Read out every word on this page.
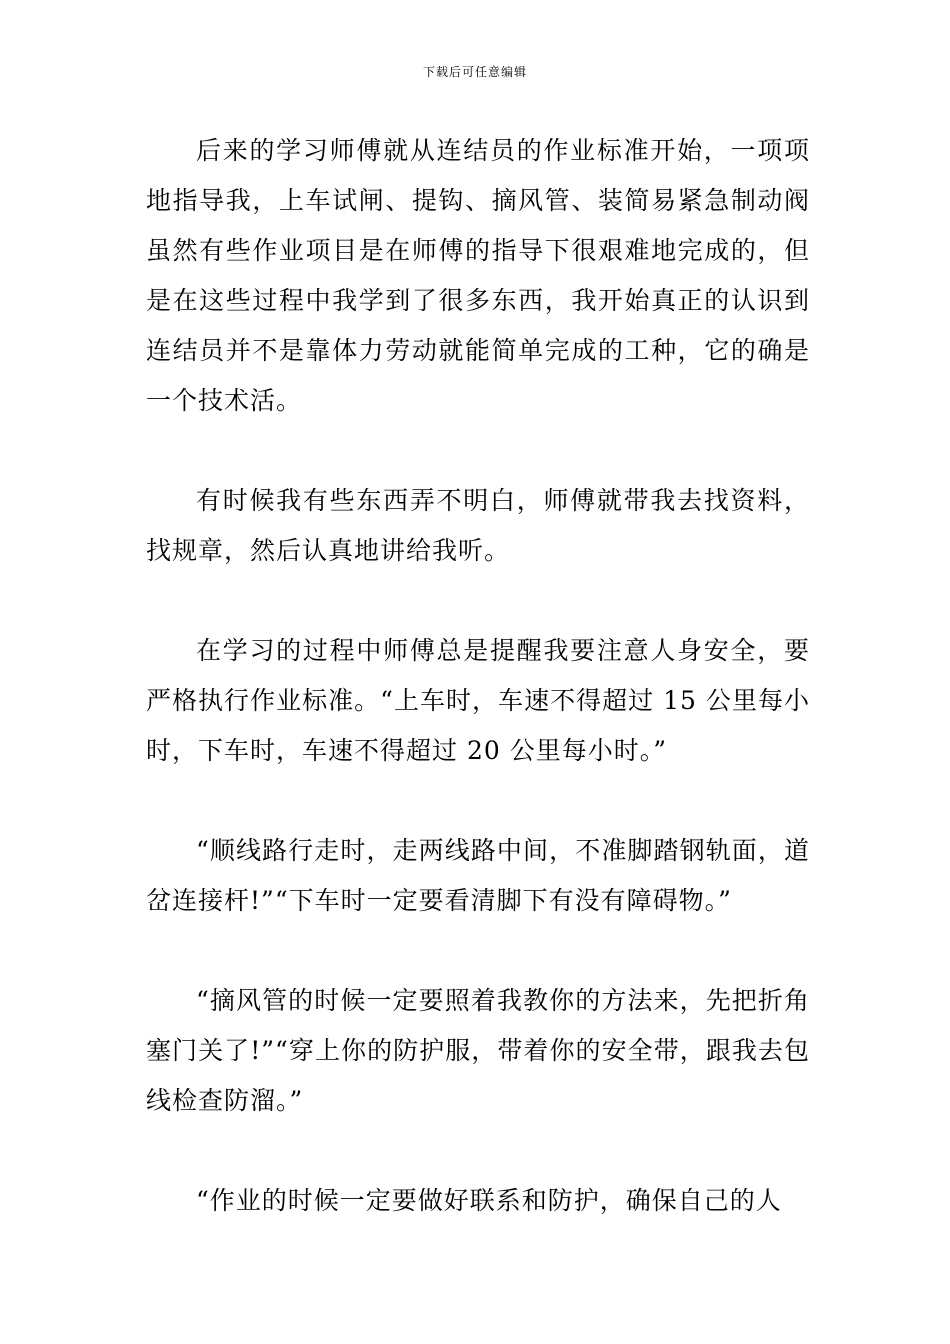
下载后可任意编辑

后来的学习师傅就从连结员的作业标准开始，一项项地指导我，上车试闸、提钩、摘风管、装简易紧急制动阀虽然有些作业项目是在师傅的指导下很艰难地完成的，但是在这些过程中我学到了很多东西，我开始真正的认识到连结员并不是靠体力劳动就能简单完成的工种，它的确是一个技术活。

有时候我有些东西弄不明白，师傅就带我去找资料，找规章，然后认真地讲给我听。

在学习的过程中师傅总是提醒我要注意人身安全，要严格执行作业标准。“上车时，车速不得超过 15 公里每小时，下车时，车速不得超过 20 公里每小时。”

“顺线路行走时，走两线路中间，不准脚踏钢轨面，道岔连接杆!”“下车时一定要看清脚下有没有障碍物。”

“摘风管的时候一定要照着我教你的方法来，先把折角塞门关了!”“穿上你的防护服，带着你的安全带，跟我去包线检查防溜。”

“作业的时候一定要做好联系和防护，确保自己的人
